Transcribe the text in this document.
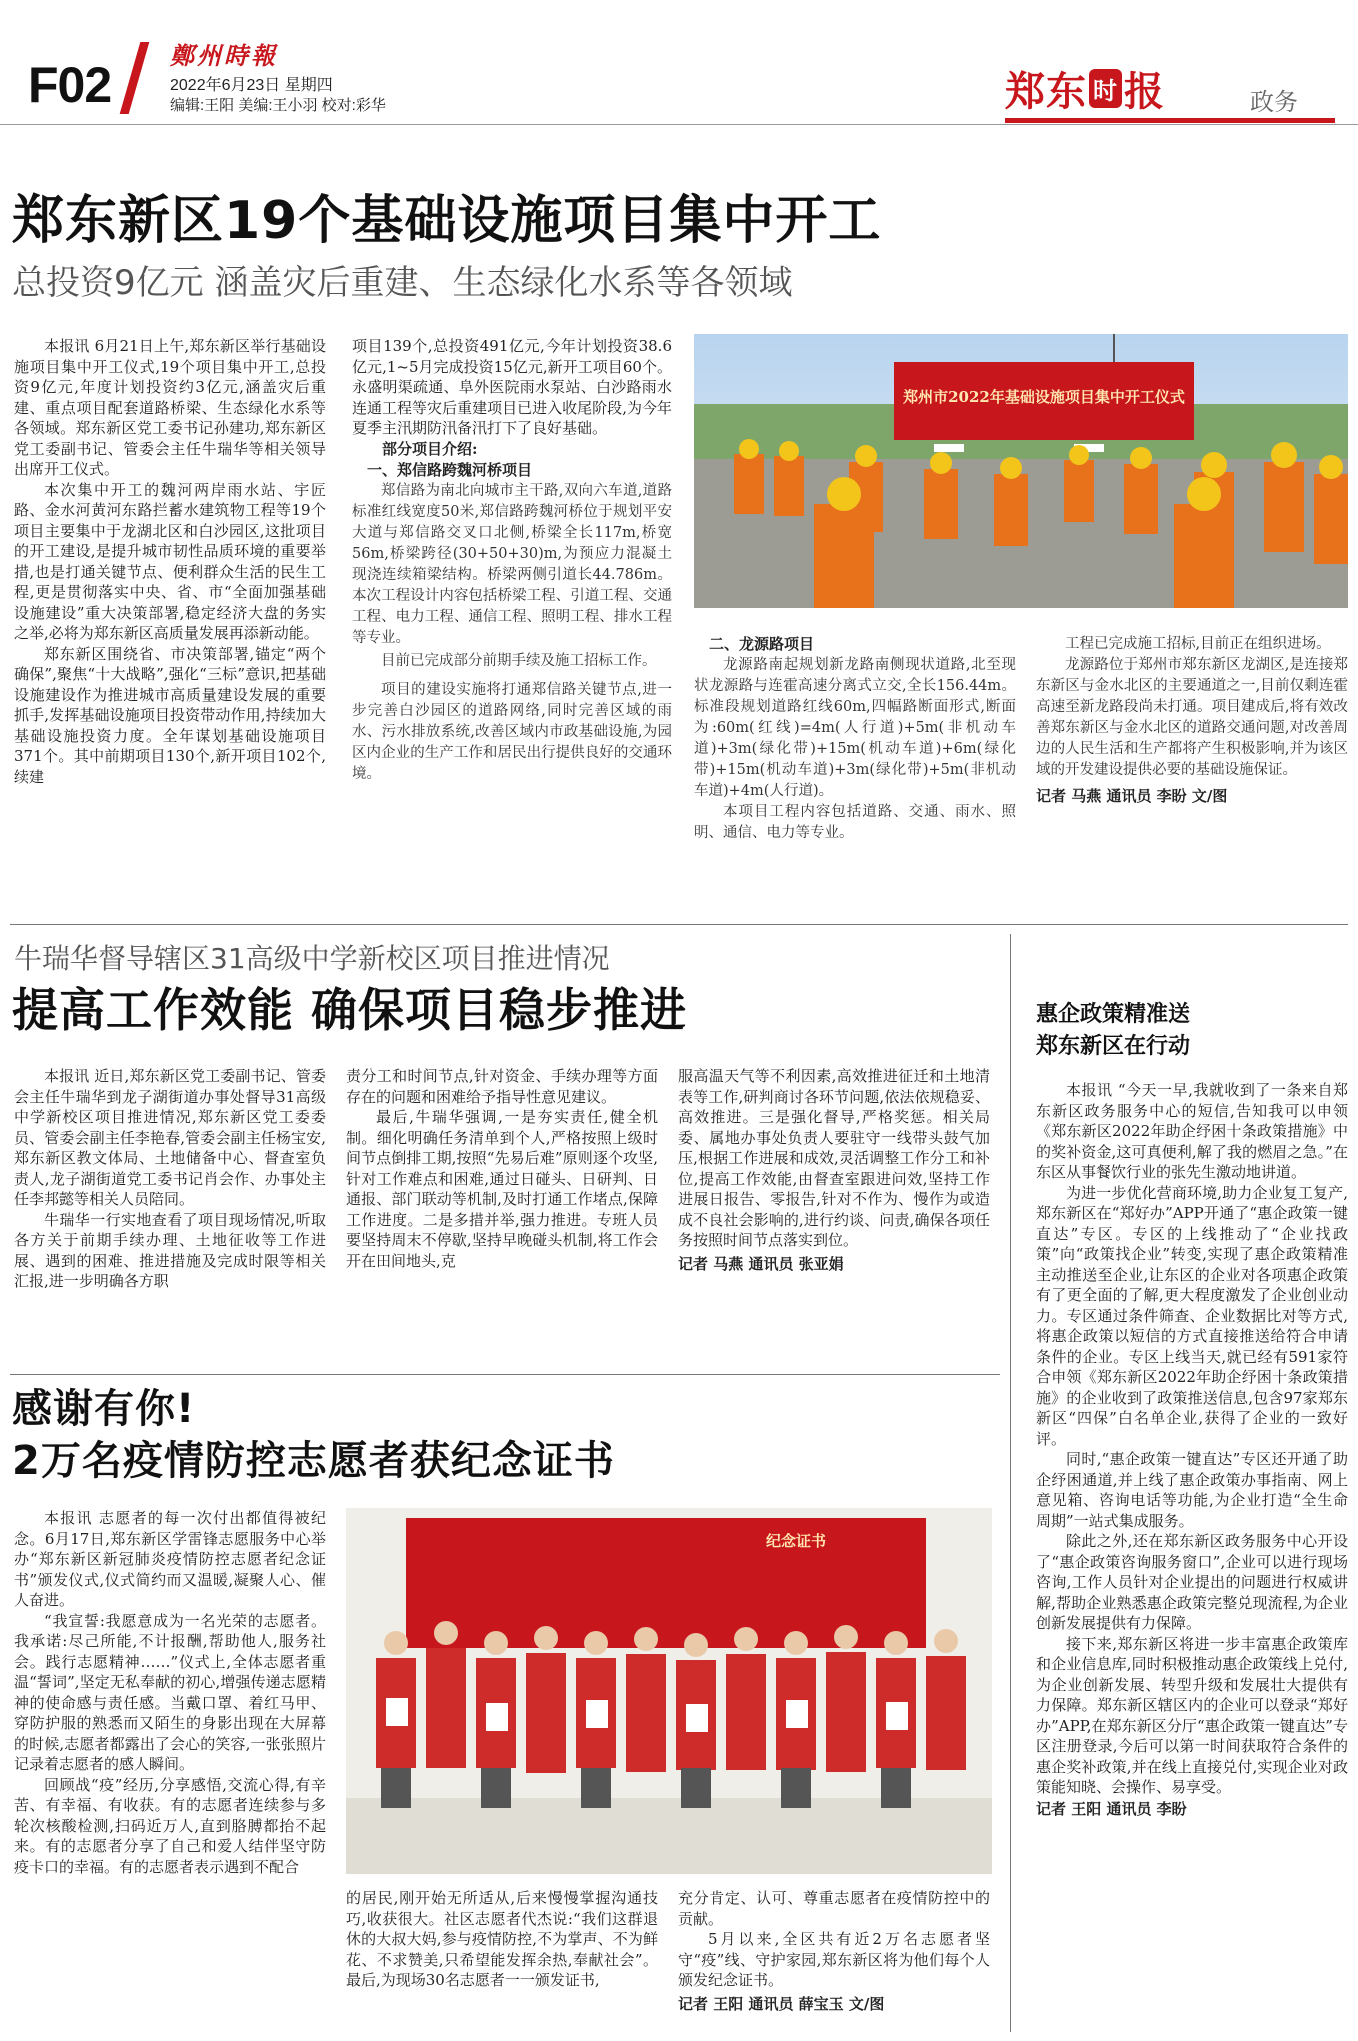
F02
鄭州時報
2022年6月23日 星期四
编辑:王阳 美编:王小羽 校对:彩华	郑东 时 报	政务
郑东新区19个基础设施项目集中开工
总投资9亿元 涵盖灾后重建、生态绿化水系等各领域

本报讯 6月21日上午,郑东新区举行基础设施项目集中开工仪式,19个项目集中开工,总投资9亿元,年度计划投资约3亿元,涵盖灾后重建、重点项目配套道路桥梁、生态绿化水系等各领域。郑东新区党工委书记孙建功,郑东新区党工委副书记、管委会主任牛瑞华等相关领导出席开工仪式。

本次集中开工的魏河两岸雨水站、宇匠路、金水河黄河东路拦蓄水建筑物工程等19个项目主要集中于龙湖北区和白沙园区,这批项目的开工建设,是提升城市韧性品质环境的重要举措,也是打通关键节点、便利群众生活的民生工程,更是贯彻落实中央、省、市“全面加强基础设施建设”重大决策部署,稳定经济大盘的务实之举,必将为郑东新区高质量发展再添新动能。

郑东新区围绕省、市决策部署,锚定“两个确保”,聚焦“十大战略”,强化“三标”意识,把基础设施建设作为推进城市高质量建设发展的重要抓手,发挥基础设施项目投资带动作用,持续加大基础设施投资力度。全年谋划基础设施项目371个。其中前期项目130个,新开项目102个,续建

项目139个,总投资491亿元,今年计划投资38.6亿元,1~5月完成投资15亿元,新开工项目60个。永盛明渠疏通、阜外医院雨水泵站、白沙路雨水连通工程等灾后重建项目已进入收尾阶段,为今年夏季主汛期防汛备汛打下了良好基础。

部分项目介绍:

一、郑信路跨魏河桥项目

郑信路为南北向城市主干路,双向六车道,道路标准红线宽度50米,郑信路跨魏河桥位于规划平安大道与郑信路交叉口北侧,桥梁全长117m,桥宽56m,桥梁跨径(30+50+30)m,为预应力混凝土现浇连续箱梁结构。桥梁两侧引道长44.786m。本次工程设计内容包括桥梁工程、引道工程、交通工程、电力工程、通信工程、照明工程、排水工程等专业。

目前已完成部分前期手续及施工招标工作。

项目的建设实施将打通郑信路关键节点,进一步完善白沙园区的道路网络,同时完善区域的雨水、污水排放系统,改善区域内市政基础设施,为园区内企业的生产工作和居民出行提供良好的交通环境。

郑州市2022年基础设施项目集中开工仪式

二、龙源路项目

龙源路南起规划新龙路南侧现状道路,北至现状龙源路与连霍高速分离式立交,全长156.44m。标准段规划道路红线60m,四幅路断面形式,断面为:60m(红线)=4m(人行道)+5m(非机动车道)+3m(绿化带)+15m(机动车道)+6m(绿化带)+15m(机动车道)+3m(绿化带)+5m(非机动车道)+4m(人行道)。

本项目工程内容包括道路、交通、雨水、照明、通信、电力等专业。

工程已完成施工招标,目前正在组织进场。

龙源路位于郑州市郑东新区龙湖区,是连接郑东新区与金水北区的主要通道之一,目前仅剩连霍高速至新龙路段尚未打通。项目建成后,将有效改善郑东新区与金水北区的道路交通问题,对改善周边的人民生活和生产都将产生积极影响,并为该区域的开发建设提供必要的基础设施保证。

记者 马燕 通讯员 李盼 文/图

牛瑞华督导辖区31高级中学新校区项目推进情况
提高工作效能 确保项目稳步推进

本报讯 近日,郑东新区党工委副书记、管委会主任牛瑞华到龙子湖街道办事处督导31高级中学新校区项目推进情况,郑东新区党工委委员、管委会副主任李艳春,管委会副主任杨宝安,郑东新区教文体局、土地储备中心、督查室负责人,龙子湖街道党工委书记肖会作、办事处主任李邦懿等相关人员陪同。

牛瑞华一行实地查看了项目现场情况,听取各方关于前期手续办理、土地征收等工作进展、遇到的困难、推进措施及完成时限等相关汇报,进一步明确各方职

责分工和时间节点,针对资金、手续办理等方面存在的问题和困难给予指导性意见建议。

最后,牛瑞华强调,一是夯实责任,健全机制。细化明确任务清单到个人,严格按照上级时间节点倒排工期,按照“先易后难”原则逐个攻坚,针对工作难点和困难,通过日碰头、日研判、日通报、部门联动等机制,及时打通工作堵点,保障工作进度。二是多措并举,强力推进。专班人员要坚持周末不停歇,坚持早晚碰头机制,将工作会开在田间地头,克

服高温天气等不利因素,高效推进征迁和土地清表等工作,研判商讨各环节问题,依法依规稳妥、高效推进。三是强化督导,严格奖惩。相关局委、属地办事处负责人要驻守一线带头鼓气加压,根据工作进展和成效,灵活调整工作分工和补位,提高工作效能,由督查室跟进问效,坚持工作进展日报告、零报告,针对不作为、慢作为或造成不良社会影响的,进行约谈、问责,确保各项任务按照时间节点落实到位。

记者 马燕 通讯员 张亚娟

感谢有你!
2万名疫情防控志愿者获纪念证书

本报讯 志愿者的每一次付出都值得被纪念。6月17日,郑东新区学雷锋志愿服务中心举办“郑东新区新冠肺炎疫情防控志愿者纪念证书”颁发仪式,仪式简约而又温暖,凝聚人心、催人奋进。

“我宣誓:我愿意成为一名光荣的志愿者。我承诺:尽己所能,不计报酬,帮助他人,服务社会。践行志愿精神……”仪式上,全体志愿者重温“誓词”,坚定无私奉献的初心,增强传递志愿精神的使命感与责任感。当戴口罩、着红马甲、穿防护服的熟悉而又陌生的身影出现在大屏幕的时候,志愿者都露出了会心的笑容,一张张照片记录着志愿者的感人瞬间。

回顾战“疫”经历,分享感悟,交流心得,有辛苦、有幸福、有收获。有的志愿者连续参与多轮次核酸检测,扫码近万人,直到胳膊都抬不起来。有的志愿者分享了自己和爱人结伴坚守防疫卡口的幸福。有的志愿者表示遇到不配合

纪念证书

的居民,刚开始无所适从,后来慢慢掌握沟通技巧,收获很大。社区志愿者代杰说:“我们这群退休的大叔大妈,参与疫情防控,不为掌声、不为鲜花、不求赞美,只希望能发挥余热,奉献社会”。最后,为现场30名志愿者一一颁发证书,

充分肯定、认可、尊重志愿者在疫情防控中的贡献。

5月以来,全区共有近2万名志愿者坚守“疫”线、守护家园,郑东新区将为他们每个人颁发纪念证书。

记者 王阳 通讯员 薛宝玉 文/图

惠企政策精准送
郑东新区在行动

本报讯 “今天一早,我就收到了一条来自郑东新区政务服务中心的短信,告知我可以申领《郑东新区2022年助企纾困十条政策措施》中的奖补资金,这可真便利,解了我的燃眉之急。”在东区从事餐饮行业的张先生激动地讲道。

为进一步优化营商环境,助力企业复工复产,郑东新区在“郑好办”APP开通了“惠企政策一键直达”专区。专区的上线推动了“企业找政策”向“政策找企业”转变,实现了惠企政策精准主动推送至企业,让东区的企业对各项惠企政策有了更全面的了解,更大程度激发了企业创业动力。专区通过条件筛查、企业数据比对等方式,将惠企政策以短信的方式直接推送给符合申请条件的企业。专区上线当天,就已经有591家符合申领《郑东新区2022年助企纾困十条政策措施》的企业收到了政策推送信息,包含97家郑东新区“四保”白名单企业,获得了企业的一致好评。

同时,“惠企政策一键直达”专区还开通了助企纾困通道,并上线了惠企政策办事指南、网上意见箱、咨询电话等功能,为企业打造“全生命周期”一站式集成服务。

除此之外,还在郑东新区政务服务中心开设了“惠企政策咨询服务窗口”,企业可以进行现场咨询,工作人员针对企业提出的问题进行权威讲解,帮助企业熟悉惠企政策完整兑现流程,为企业创新发展提供有力保障。

接下来,郑东新区将进一步丰富惠企政策库和企业信息库,同时积极推动惠企政策线上兑付,为企业创新发展、转型升级和发展壮大提供有力保障。郑东新区辖区内的企业可以登录“郑好办”APP,在郑东新区分厅“惠企政策一键直达”专区注册登录,今后可以第一时间获取符合条件的惠企奖补政策,并在线上直接兑付,实现企业对政策能知晓、会操作、易享受。

记者 王阳 通讯员 李盼
